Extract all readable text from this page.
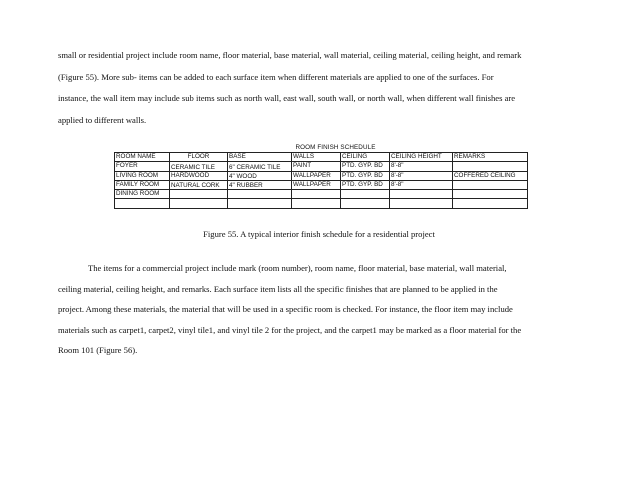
small or residential project include room name, floor material, base material, wall material, ceiling material, ceiling height, and remark
(Figure 55). More sub- items can be added to each surface item when different materials are applied to one of the surfaces. For
instance, the wall item may include sub items such as north wall, east wall, south wall, or north wall, when different wall finishes are
applied to different walls.
ROOM FINISH SCHEDULE
ROOM NAME	FLOOR	BASE	WALLS	CEILING	CEILING HEIGHT	REMARKS
FOYER	CERAMIC TILE	6" CERAMIC TILE	PAINT	PTD. GYP. BD	8'-8"	
LIVING ROOM	HARDWOOD	4" WOOD	WALLPAPER	PTD. GYP. BD	8'-8"	COFFERED CEILING
FAMILY ROOM	NATURAL CORK	4" RUBBER	WALLPAPER	PTD. GYP. BD	8'-8"	
DINING ROOM						

Figure 55. A typical interior finish schedule for a residential project

The items for a commercial project include mark (room number), room name, floor material, base material, wall material,
ceiling material, ceiling height, and remarks. Each surface item lists all the specific finishes that are planned to be applied in the
project. Among these materials, the material that will be used in a specific room is checked. For instance, the floor item may include
materials such as carpet1, carpet2, vinyl tile1, and vinyl tile 2 for the project, and the carpet1 may be marked as a floor material for the
Room 101 (Figure 56).
